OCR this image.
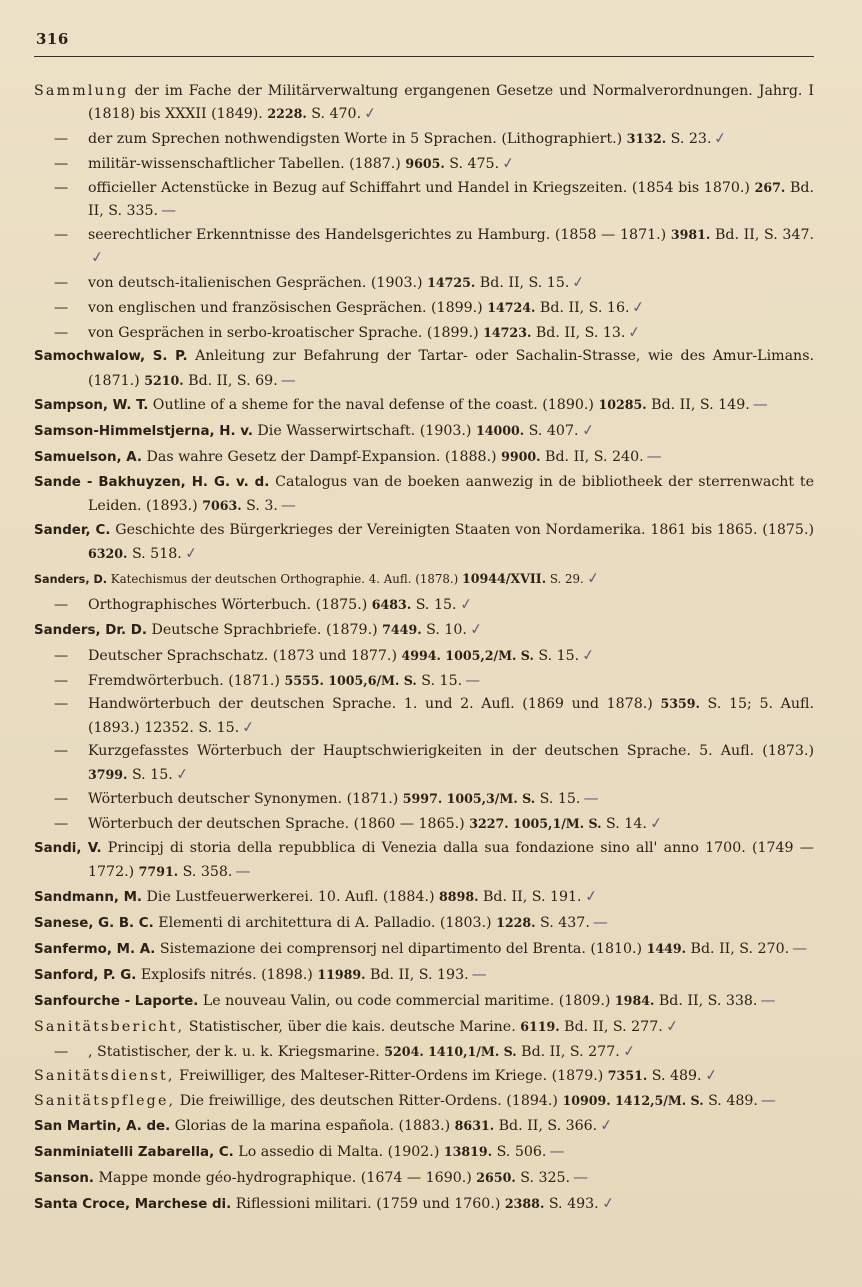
316
Sammlung der im Fache der Militärverwaltung ergangenen Gesetze und Normalverordnungen. Jahrg. I (1818) bis XXXII (1849). 2228. S. 470. ✓
— der zum Sprechen nothwendigsten Worte in 5 Sprachen. (Lithographiert.) 3132. S. 23. ✓
— militär-wissenschaftlicher Tabellen. (1887.) 9605. S. 475. ✓
— officieller Actenstücke in Bezug auf Schiffahrt und Handel in Kriegszeiten. (1854 bis 1870.) 267. Bd. II, S. 335. —
— seerechtlicher Erkenntnisse des Handelsgerichtes zu Hamburg. (1858 — 1871.) 3981. Bd. II, S. 347.✓
— von deutsch-italienischen Gesprächen. (1903.) 14725. Bd. II, S. 15. ✓
— von englischen und französischen Gesprächen. (1899.) 14724. Bd. II, S. 16. ✓
— von Gesprächen in serbo-kroatischer Sprache. (1899.) 14723. Bd. II, S. 13. ✓
Samochwalow, S. P. Anleitung zur Befahrung der Tartar- oder Sachalin-Strasse, wie des Amur-Limans. (1871.) 5210. Bd. II, S. 69. —
Sampson, W. T. Outline of a sheme for the naval defense of the coast. (1890.) 10285. Bd. II, S. 149. —
Samson-Himmelstjerna, H. v. Die Wasserwirtschaft. (1903.) 14000. S. 407. ✓
Samuelson, A. Das wahre Gesetz der Dampf-Expansion. (1888.) 9900. Bd. II, S. 240. —
Sande - Bakhuyzen, H. G. v. d. Catalogus van de boeken aanwezig in de bibliotheek der sterrenwacht te Leiden. (1893.) 7063. S. 3. —
Sander, C. Geschichte des Bürgerkrieges der Vereinigten Staaten von Nordamerika. 1861 bis 1865. (1875.) 6320. S. 518. ✓
Sanders, D. Katechismus der deutschen Orthographie. 4. Aufl. (1878.) 10944/XVII. S. 29. ✓
— Orthographisches Wörterbuch. (1875.) 6483. S. 15. ✓
Sanders, Dr. D. Deutsche Sprachbriefe. (1879.) 7449. S. 10. ✓
— Deutscher Sprachschatz. (1873 und 1877.) 4994. 1005,2/M. S. S. 15. ✓
— Fremdwörterbuch. (1871.) 5555. 1005,6/M. S. S. 15. —
— Handwörterbuch der deutschen Sprache. 1. und 2. Aufl. (1869 und 1878.) 5359. S. 15; 5. Aufl. (1893.) 12352. S. 15. ✓
— Kurzgefasstes Wörterbuch der Hauptschwierigkeiten in der deutschen Sprache. 5. Aufl. (1873.) 3799. S. 15. ✓
— Wörterbuch deutscher Synonymen. (1871.) 5997. 1005,3/M. S. S. 15. —
— Wörterbuch der deutschen Sprache. (1860 — 1865.) 3227. 1005,1/M. S. S. 14. ✓
Sandi, V. Principj di storia della repubblica di Venezia dalla sua fondazione sino all' anno 1700. (1749 — 1772.) 7791. S. 358. —
Sandmann, M. Die Lustfeuerwerkerei. 10. Aufl. (1884.) 8898. Bd. II, S. 191. ✓
Sanese, G. B. C. Elementi di architettura di A. Palladio. (1803.) 1228. S. 437. —
Sanfermo, M. A. Sistemazione dei comprensorj nel dipartimento del Brenta. (1810.) 1449. Bd. II, S. 270. —
Sanford, P. G. Explosifs nitrés. (1898.) 11989. Bd. II, S. 193. —
Sanfourche - Laporte. Le nouveau Valin, ou code commercial maritime. (1809.) 1984. Bd. II, S. 338. —
Sanitätsbericht, Statistischer, über die kais. deutsche Marine. 6119. Bd. II, S. 277. ✓
— , Statistischer, der k. u. k. Kriegsmarine. 5204. 1410,1/M. S. Bd. II, S. 277. ✓
Sanitätsdienst, Freiwilliger, des Malteser-Ritter-Ordens im Kriege. (1879.) 7351. S. 489. ✓
Sanitätspflege, Die freiwillige, des deutschen Ritter-Ordens. (1894.) 10909. 1412,5/M. S. S. 489. —
San Martin, A. de. Glorias de la marina española. (1883.) 8631. Bd. II, S. 366. ✓
Sanminiatelli Zabarella, C. Lo assedio di Malta. (1902.) 13819. S. 506. —
Sanson. Mappe monde géo-hydrographique. (1674 — 1690.) 2650. S. 325. —
Santa Croce, Marchese di. Riflessioni militari. (1759 und 1760.) 2388. S. 493. ✓
